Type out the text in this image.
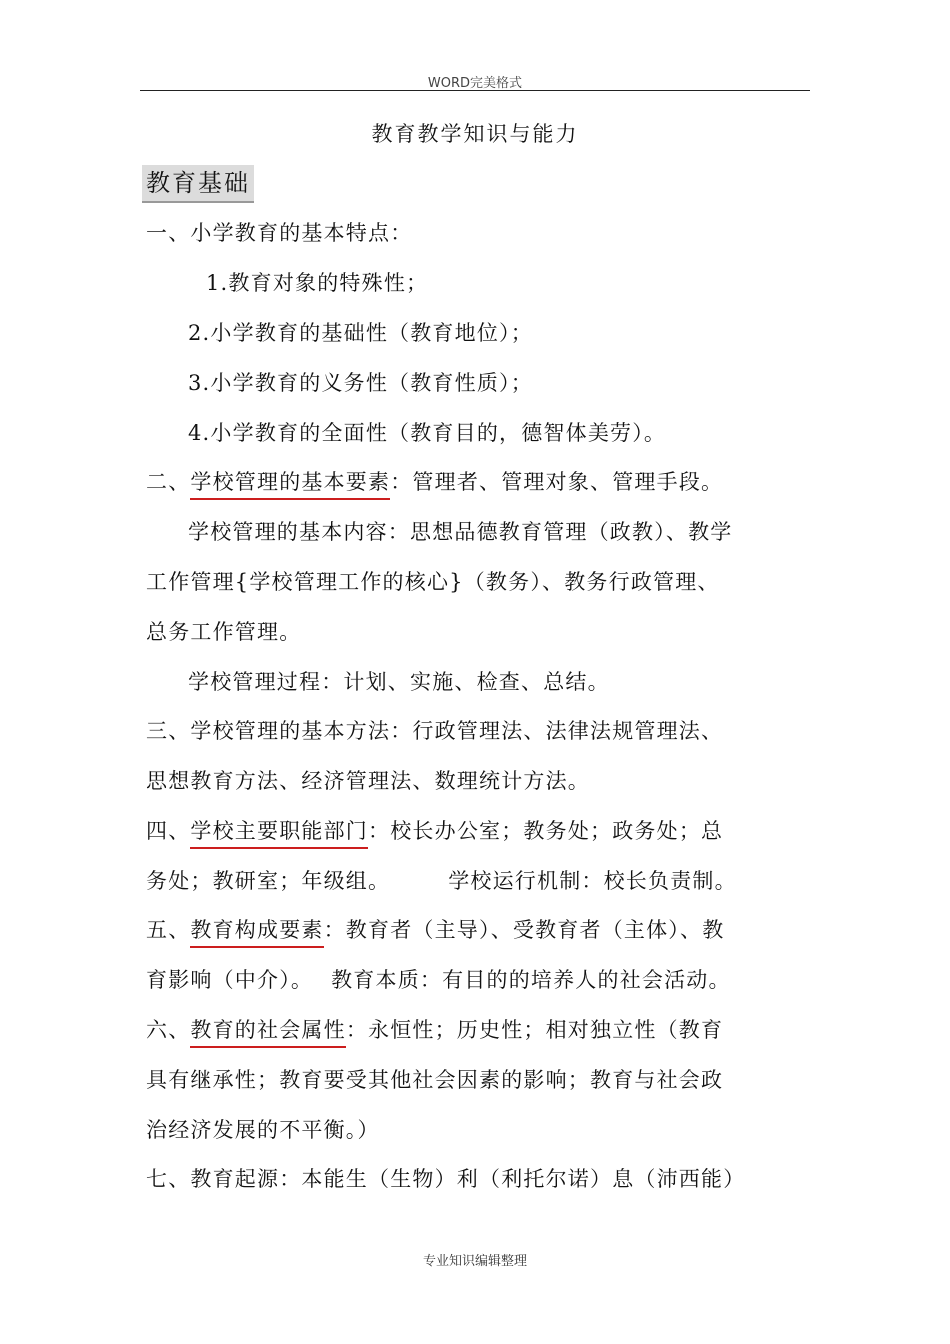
WORD完美格式
教育教学知识与能力
教育基础
一、小学教育的基本特点：
1.教育对象的特殊性；
2.小学教育的基础性（教育地位）；
3.小学教育的义务性（教育性质）；
4.小学教育的全面性（教育目的，德智体美劳）。
二、学校管理的基本要素：管理者、管理对象、管理手段。
学校管理的基本内容：思想品德教育管理（政教）、教学
工作管理{学校管理工作的核心}（教务）、教务行政管理、
总务工作管理。
学校管理过程：计划、实施、检查、总结。
三、学校管理的基本方法：行政管理法、法律法规管理法、
思想教育方法、经济管理法、数理统计方法。
四、学校主要职能部门：校长办公室；教务处；政务处；总
务处；教研室；年级组。	学校运行机制：校长负责制。
五、教育构成要素：教育者（主导）、受教育者（主体）、教
育影响（中介）。 教育本质：有目的的培养人的社会活动。
六、教育的社会属性：永恒性；历史性；相对独立性（教育
具有继承性；教育要受其他社会因素的影响；教育与社会政
治经济发展的不平衡。）
七、教育起源：本能生（生物）利（利托尔诺）息（沛西能）
专业知识编辑整理
